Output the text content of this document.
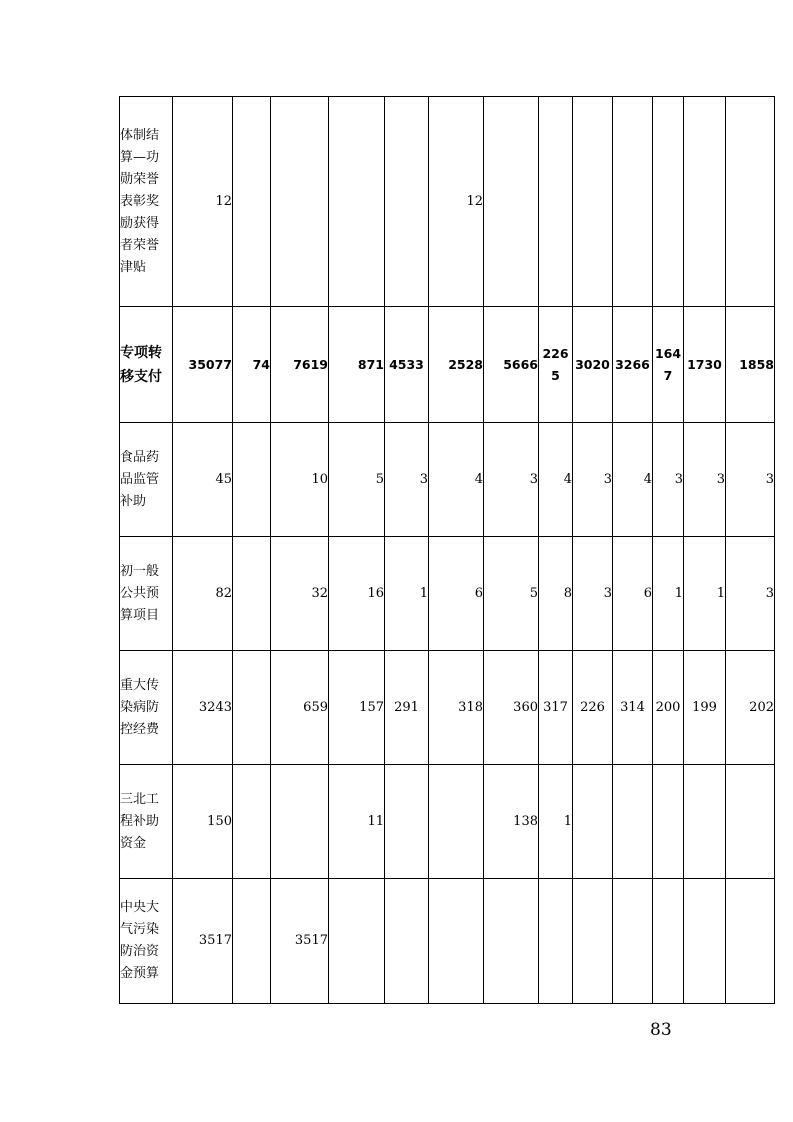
体制结算—功勋荣誉表彰奖励获得者荣誉津贴	12					12							

专项转移支付	35077	74	7619	871	4533	2528	5666	2265	3020	3266	1647	1730	1858

食品药品监管补助	45		10	5	3	4	3	4	3	4	3	3	3

初一般公共预算项目	82		32	16	1	6	5	8	3	6	1	1	3

重大传染病防控经费	3243		659	157	291	318	360	317	226	314	200	199	202

三北工程补助资金	150			11			138	1					

中央大气污染防治资金预算	3517		3517										
83
